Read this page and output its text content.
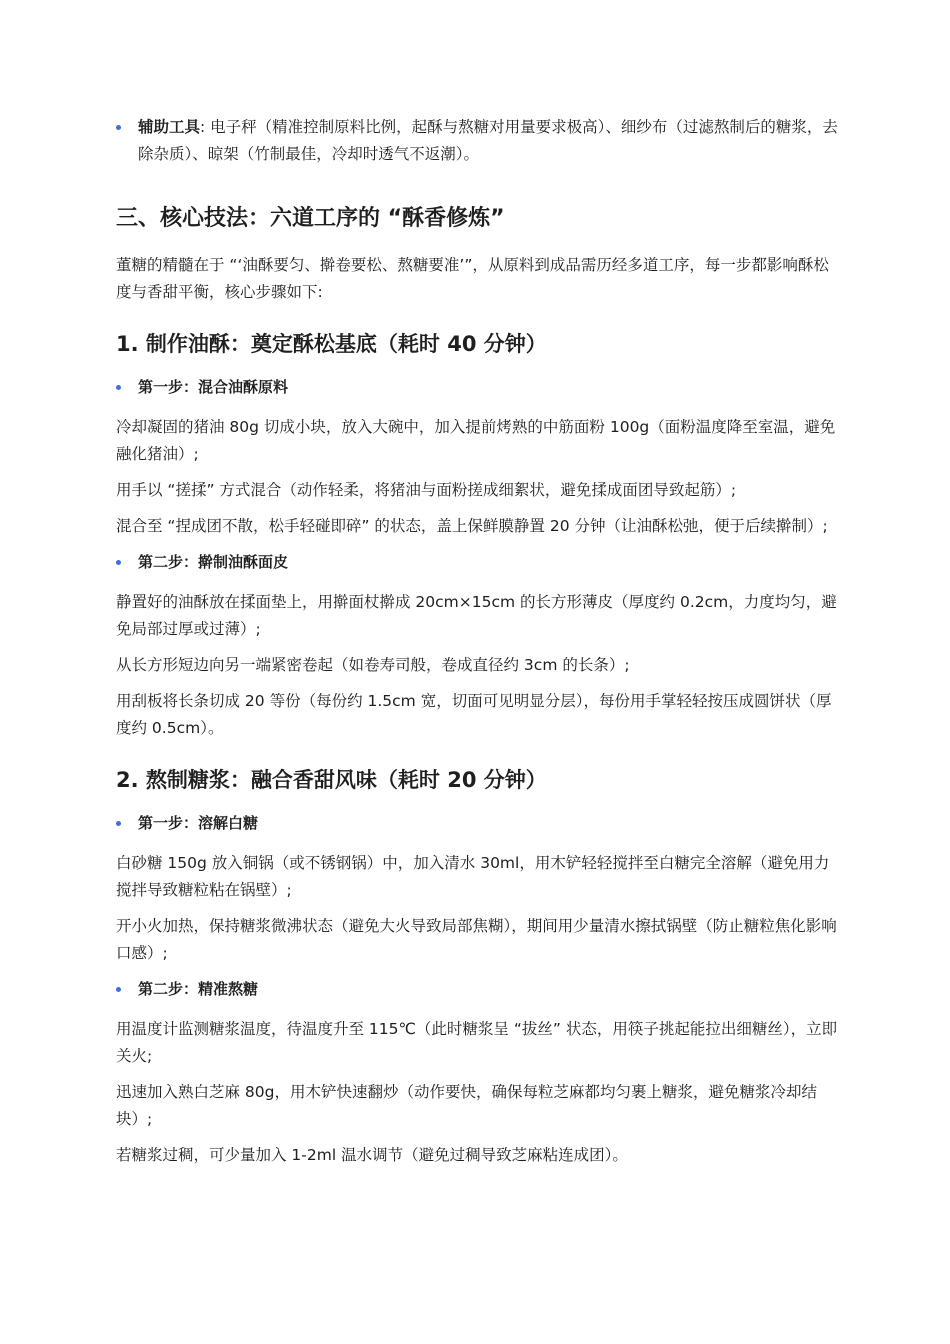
辅助工具: 电子秤（精准控制原料比例，起酥与熬糖对用量要求极高）、细纱布（过滤熬制后的糖浆，去除杂质）、晾架（竹制最佳，冷却时透气不返潮）。
三、核心技法：六道工序的 “酥香修炼”
董糖的精髓在于 “‘油酥要匀、擀卷要松、熬糖要准’”，从原料到成品需历经多道工序，每一步都影响酥松度与香甜平衡，核心步骤如下:
1. 制作油酥：奠定酥松基底（耗时 40 分钟）
第一步：混合油酥原料
冷却凝固的猪油 80g 切成小块，放入大碗中，加入提前烤熟的中筋面粉 100g（面粉温度降至室温，避免融化猪油）;
用手以 “搓揉” 方式混合（动作轻柔，将猪油与面粉搓成细絮状，避免揉成面团导致起筋）;
混合至 “捏成团不散，松手轻碰即碎” 的状态，盖上保鲜膜静置 20 分钟（让油酥松弛，便于后续擀制）;
第二步：擀制油酥面皮
静置好的油酥放在揉面垫上，用擀面杖擀成 20cm×15cm 的长方形薄皮（厚度约 0.2cm，力度均匀，避免局部过厚或过薄）;
从长方形短边向另一端紧密卷起（如卷寿司般，卷成直径约 3cm 的长条）;
用刮板将长条切成 20 等份（每份约 1.5cm 宽，切面可见明显分层），每份用手掌轻轻按压成圆饼状（厚度约 0.5cm）。
2. 熬制糖浆：融合香甜风味（耗时 20 分钟）
第一步：溶解白糖
白砂糖 150g 放入铜锅（或不锈钢锅）中，加入清水 30ml，用木铲轻轻搅拌至白糖完全溶解（避免用力搅拌导致糖粒粘在锅壁）;
开小火加热，保持糖浆微沸状态（避免大火导致局部焦糊），期间用少量清水擦拭锅壁（防止糖粒焦化影响口感）;
第二步：精准熬糖
用温度计监测糖浆温度，待温度升至 115℃（此时糖浆呈 “拔丝” 状态，用筷子挑起能拉出细糖丝），立即关火;
迅速加入熟白芝麻 80g，用木铲快速翻炒（动作要快，确保每粒芝麻都均匀裹上糖浆，避免糖浆冷却结块）;
若糖浆过稠，可少量加入 1-2ml 温水调节（避免过稠导致芝麻粘连成团）。
